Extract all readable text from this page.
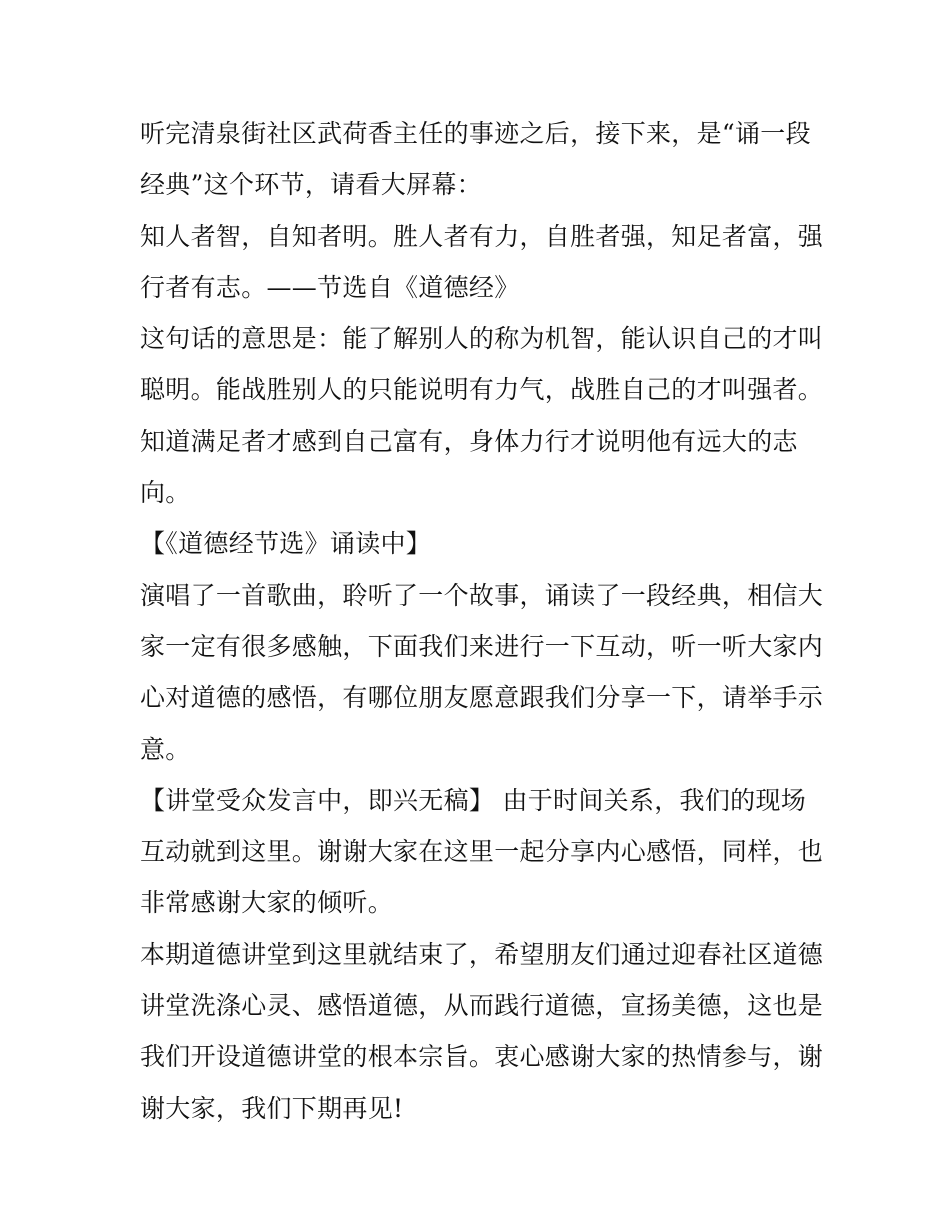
听完清泉街社区武荷香主任的事迹之后，接下来，是“诵一段

经典”这个环节，请看大屏幕：

知人者智，自知者明。胜人者有力，自胜者强，知足者富，强

行者有志。——节选自《道德经》

这句话的意思是：能了解别人的称为机智，能认识自己的才叫

聪明。能战胜别人的只能说明有力气，战胜自己的才叫强者。

知道满足者才感到自己富有，身体力行才说明他有远大的志

向。

【《道德经节选》诵读中】

演唱了一首歌曲，聆听了一个故事，诵读了一段经典，相信大

家一定有很多感触，下面我们来进行一下互动，听一听大家内

心对道德的感悟，有哪位朋友愿意跟我们分享一下，请举手示

意。

【讲堂受众发言中，即兴无稿】 由于时间关系，我们的现场

互动就到这里。谢谢大家在这里一起分享内心感悟，同样，也

非常感谢大家的倾听。

本期道德讲堂到这里就结束了，希望朋友们通过迎春社区道德

讲堂洗涤心灵、感悟道德，从而践行道德，宣扬美德，这也是

我们开设道德讲堂的根本宗旨。衷心感谢大家的热情参与，谢

谢大家，我们下期再见!
